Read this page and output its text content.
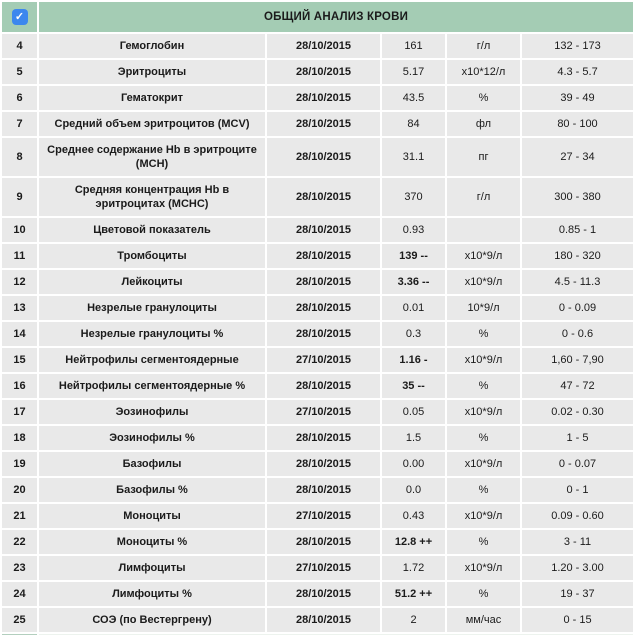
✓	ОБЩИЙ АНАЛИЗ КРОВИ				
4	Гемоглобин	28/10/2015	161	г/л	132 - 173
5	Эритроциты	28/10/2015	5.17	х10*12/л	4.3 - 5.7
6	Гематокрит	28/10/2015	43.5	%	39 - 49
7	Средний объем эритроцитов (MCV)	28/10/2015	84	фл	80 - 100
8	Среднее содержание Hb в эритроците (MCH)	28/10/2015	31.1	пг	27 - 34
9	Средняя концентрация Hb в эритроцитах (MCHC)	28/10/2015	370	г/л	300 - 380
10	Цветовой показатель	28/10/2015	0.93		0.85 - 1
11	Тромбоциты	28/10/2015	139 --	х10*9/л	180 - 320
12	Лейкоциты	28/10/2015	3.36 --	х10*9/л	4.5 - 11.3
13	Незрелые гранулоциты	28/10/2015	0.01	10*9/л	0 - 0.09
14	Незрелые гранулоциты %	28/10/2015	0.3	%	0 - 0.6
15	Нейтрофилы сегментоядерные	27/10/2015	1.16 -	х10*9/л	1,60 - 7,90
16	Нейтрофилы сегментоядерные %	28/10/2015	35 --	%	47 - 72
17	Эозинофилы	27/10/2015	0.05	х10*9/л	0.02 - 0.30
18	Эозинофилы %	28/10/2015	1.5	%	1 - 5
19	Базофилы	28/10/2015	0.00	х10*9/л	0 - 0.07
20	Базофилы %	28/10/2015	0.0	%	0 - 1
21	Моноциты	27/10/2015	0.43	х10*9/л	0.09 - 0.60
22	Моноциты %	28/10/2015	12.8 ++	%	3 - 11
23	Лимфоциты	27/10/2015	1.72	х10*9/л	1.20 - 3.00
24	Лимфоциты %	28/10/2015	51.2 ++	%	19 - 37
25	СОЭ (по Вестергрену)	28/10/2015	2	мм/час	0 - 15
